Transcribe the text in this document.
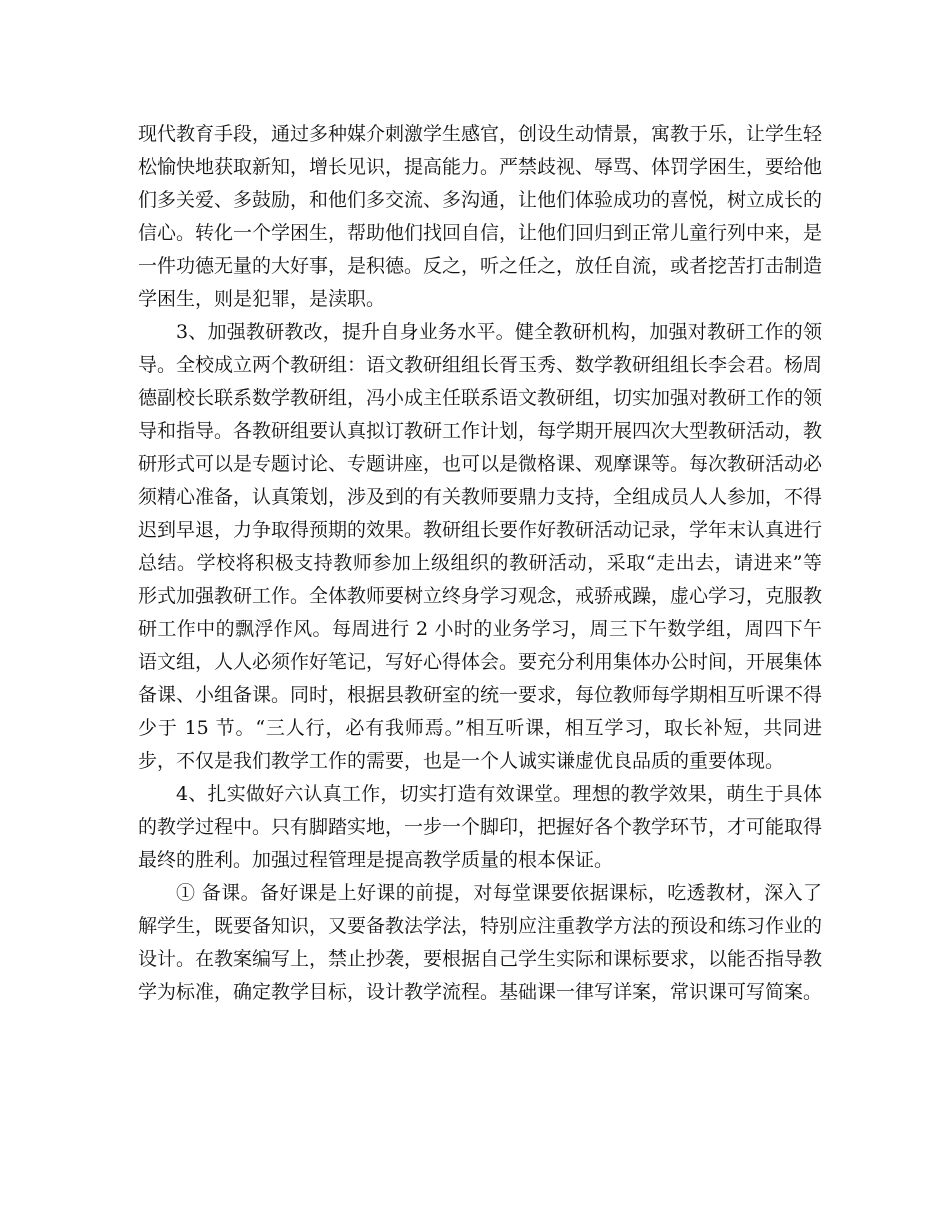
现代教育手段，通过多种媒介刺激学生感官，创设生动情景，寓教于乐，让学生轻松愉快地获取新知，增长见识，提高能力。严禁歧视、辱骂、体罚学困生，要给他们多关爱、多鼓励，和他们多交流、多沟通，让他们体验成功的喜悦，树立成长的信心。转化一个学困生，帮助他们找回自信，让他们回归到正常儿童行列中来，是一件功德无量的大好事，是积德。反之，听之任之，放任自流，或者挖苦打击制造学困生，则是犯罪，是渎职。

3、加强教研教改，提升自身业务水平。健全教研机构，加强对教研工作的领导。全校成立两个教研组：语文教研组组长胥玉秀、数学教研组组长李会君。杨周德副校长联系数学教研组，冯小成主任联系语文教研组，切实加强对教研工作的领导和指导。各教研组要认真拟订教研工作计划，每学期开展四次大型教研活动，教研形式可以是专题讨论、专题讲座，也可以是微格课、观摩课等。每次教研活动必须精心准备，认真策划，涉及到的有关教师要鼎力支持，全组成员人人参加，不得迟到早退，力争取得预期的效果。教研组长要作好教研活动记录，学年末认真进行总结。学校将积极支持教师参加上级组织的教研活动，采取“走出去，请进来”等形式加强教研工作。全体教师要树立终身学习观念，戒骄戒躁，虚心学习，克服教研工作中的飘浮作风。每周进行 2 小时的业务学习，周三下午数学组，周四下午语文组，人人必须作好笔记，写好心得体会。要充分利用集体办公时间，开展集体备课、小组备课。同时，根据县教研室的统一要求，每位教师每学期相互听课不得少于 15 节。“三人行，必有我师焉。”相互听课，相互学习，取长补短，共同进步，不仅是我们教学工作的需要，也是一个人诚实谦虚优良品质的重要体现。

4、扎实做好六认真工作，切实打造有效课堂。理想的教学效果，萌生于具体的教学过程中。只有脚踏实地，一步一个脚印，把握好各个教学环节，才可能取得最终的胜利。加强过程管理是提高教学质量的根本保证。

① 备课。备好课是上好课的前提，对每堂课要依据课标，吃透教材，深入了解学生，既要备知识，又要备教法学法，特别应注重教学方法的预设和练习作业的设计。在教案编写上，禁止抄袭，要根据自己学生实际和课标要求，以能否指导教学为标准，确定教学目标，设计教学流程。基础课一律写详案，常识课可写简案。
